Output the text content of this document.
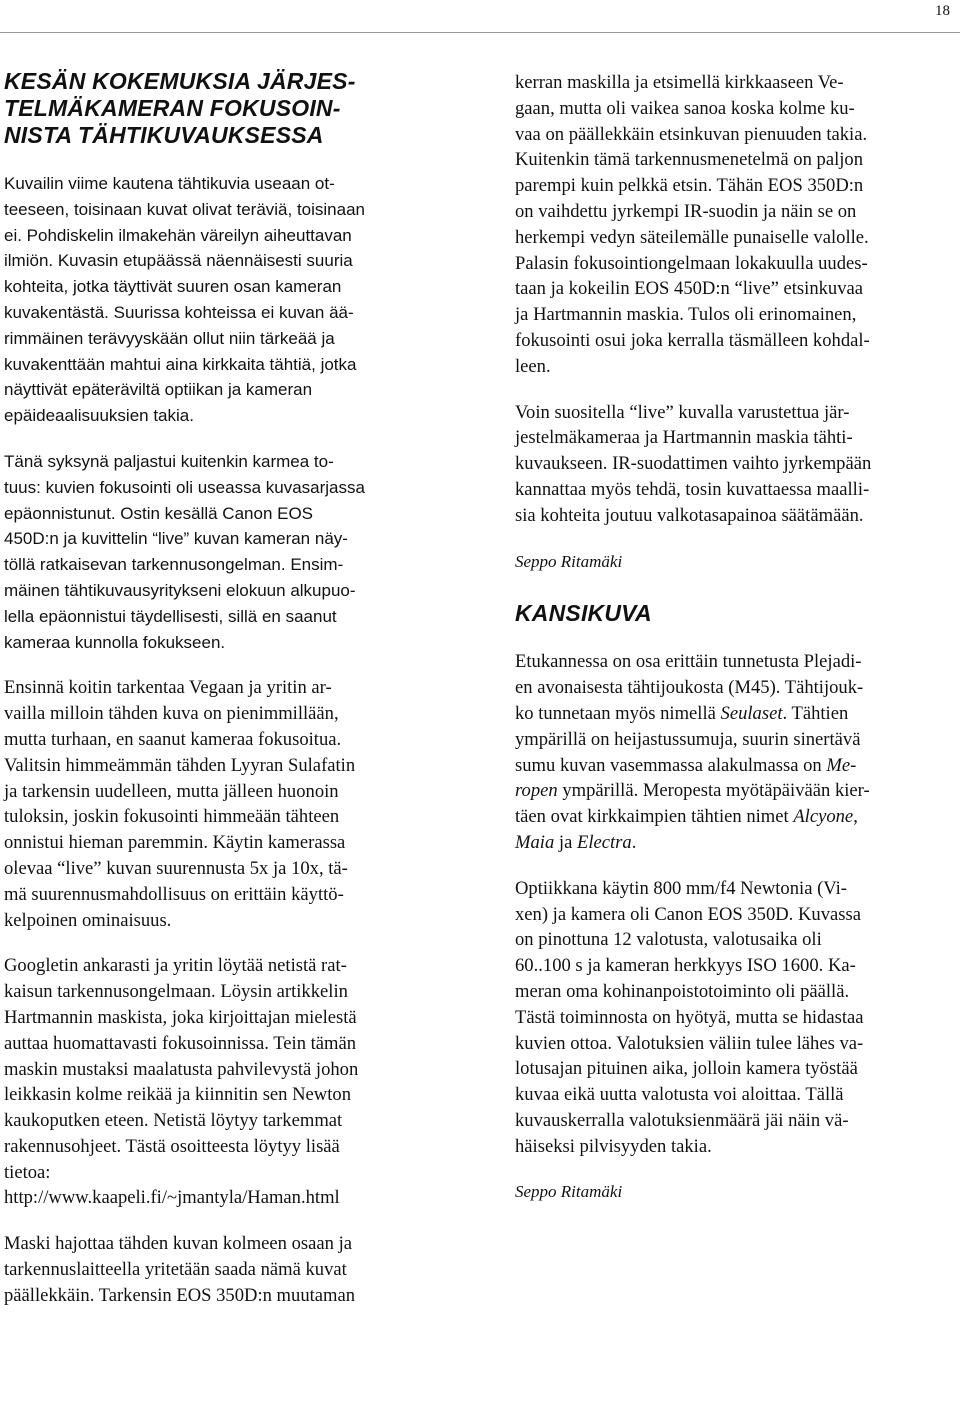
18
KESÄN KOKEMUKSIA JÄRJES-
TELMÄKAMERAN FOKUSOIN-
NISTA TÄHTIKUVAUKSESSA
Kuvailin viime kautena tähtikuvia useaan ot-
teeseen, toisinaan kuvat olivat teräviä, toisinaan
ei. Pohdiskelin ilmakehän väreilyn aiheuttavan
ilmiön. Kuvasin etupäässä näennäisesti suuria
kohteita, jotka täyttivät suuren osan kameran
kuvakentästä. Suurissa kohteissa ei kuvan ää-
rimmäinen terävyyskään ollut niin tärkeää ja
kuvakenttään mahtui aina kirkkaita tähtiä, jotka
näyttivät epäteräviltä optiikan ja kameran
epäideaalisuuksien takia.
Tänä syksynä paljastui kuitenkin karmea to-
tuus: kuvien fokusointi oli useassa kuvasarjassa
epäonnistunut. Ostin kesällä Canon EOS
450D:n ja kuvittelin “live” kuvan kameran näy-
töllä ratkaisevan tarkennusongelman. Ensim-
mäinen tähtikuvausyritykseni elokuun alkupuo-
lella epäonnistui täydellisesti, sillä en saanut
kameraa kunnolla fokukseen.
Ensinnä koitin tarkentaa Vegaan ja yritin ar-
vailla milloin tähden kuva on pienimmillään,
mutta turhaan, en saanut kameraa fokusoitua.
Valitsin himmeämmän tähden Lyyran Sulafatin
ja tarkensin uudelleen, mutta jälleen huonoin
tuloksin, joskin fokusointi himmeään tähteen
onnistui hieman paremmin. Käytin kamerassa
olevaa “live” kuvan suurennusta 5x ja 10x, tä-
mä suurennusmahdollisuus on erittäin käyttö-
kelpoinen ominaisuus.
Googletin ankarasti ja yritin löytää netistä rat-
kaisun tarkennusongelmaan. Löysin artikkelin
Hartmannin maskista, joka kirjoittajan mielestä
auttaa huomattavasti fokusoinnissa. Tein tämän
maskin mustaksi maalatusta pahvilevystä johon
leikkasin kolme reikää ja kiinnitin sen Newton
kaukoputken eteen. Netistä löytyy tarkemmat
rakennusohjeet. Tästä osoitteesta löytyy lisää
tietoa:
http://www.kaapeli.fi/~jmantyla/Haman.html
Maski hajottaa tähden kuvan kolmeen osaan ja
tarkennuslaitteella yritetään saada nämä kuvat
päällekkäin. Tarkensin EOS 350D:n muutaman
kerran maskilla ja etsimellä kirkkaaseen Ve-
gaan, mutta oli vaikea sanoa koska kolme ku-
vaa on päällekkäin etsinkuvan pienuuden takia.
Kuitenkin tämä tarkennusmenetelmä on paljon
parempi kuin pelkkä etsin. Tähän EOS 350D:n
on vaihdettu jyrkempi IR-suodin ja näin se on
herkempi vedyn säteilemälle punaiselle valolle.
Palasin fokusointiongelmaan lokakuulla uudes-
taan ja kokeilin EOS 450D:n “live” etsinkuvaa
ja Hartmannin maskia. Tulos oli erinomainen,
fokusointi osui joka kerralla täsmälleen kohdal-
leen.
Voin suositella “live” kuvalla varustettua jär-
jestelmäkameraa ja Hartmannin maskia tähti-
kuvaukseen. IR-suodattimen vaihto jyrkempään
kannattaa myös tehdä, tosin kuvattaessa maalli-
sia kohteita joutuu valkotasapainoa säätämään.
Seppo Ritamäki
KANSIKUVA
Etukannessa on osa erittäin tunnetusta Plejadi-
en avonaisesta tähtijoukosta (M45). Tähtijouk-
ko tunnetaan myös nimellä Seulaset. Tähtien
ympärillä on heijastussumuja, suurin sinertävä
sumu kuvan vasemmassa alakulmassa on Me-
ropen ympärillä. Meropesta myötäpäivään kier-
täen ovat kirkkaimpien tähtien nimet Alcyone,
Maia ja Electra.
Optiikkana käytin 800 mm/f4 Newtonia (Vi-
xen) ja kamera oli Canon EOS 350D. Kuvassa
on pinottuna 12 valotusta, valotusaika oli
60..100 s ja kameran herkkyys ISO 1600. Ka-
meran oma kohinanpoistotoiminto oli päällä.
Tästä toiminnosta on hyötyä, mutta se hidastaa
kuvien ottoa. Valotuksien väliin tulee lähes va-
lotusajan pituinen aika, jolloin kamera työstää
kuvaa eikä uutta valotusta voi aloittaa. Tällä
kuvauskerralla valotuksienmäärä jäi näin vä-
häiseksi pilvisyyden takia.
Seppo Ritamäki
